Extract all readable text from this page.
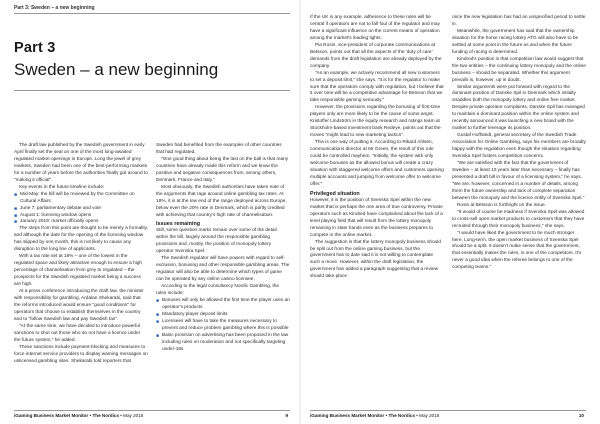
Part 3: Sweden – a new beginning
Part 3
Sweden – a new beginning

The draft law published by the Swedish government in early April finally set the seal on one of the most long-awaited regulated market openings in Europe. Long the jewel of grey markets, Sweden had been one of the best-performing markets for a number of years before the authorities finally got around to "making it official".

Key events in the future timeline include:

■ Mid-May: the bill will be reviewed by the Committee on Cultural Affairs
■ June 7: parliamentary debate and vote
■ August 1: licensing window opens
■ January 2019: market officially opens

The steps from this point are thought to be merely a formality, and although the date for the opening of the licensing window has slipped by one month, this is not likely to cause any disruption to the long line of applicants.

With a tax rate set at 18% – one of the lowest in the regulated space and likely attractive enough to ensure a high percentage of channelisation from grey to regulated – the prospects for the Swedish regulated market being a success are high.

At a press conference introducing the draft law, the minister with responsibility for gambling, Ardalan Shekarabi, said that the reforms introduced would ensure "good conditions" for operators that choose to establish themselves in the country and to "follow Swedish law and pay Swedish tax".

"At the same time, we have decided to introduce powerful sanctions to shut out those who do not have a licence under the future system," he added.

These sanctions include payment-blocking and measures to force internet service providers to display warning messages on unlicensed gambling sites. Shekarabi told reporters that

Sweden had benefited from the examples of other countries that had regulated.

"One good thing about being the last on the ball is that many countries have already made this reform and we know the positive and negative consequences from, among others, Denmark, France and Italy."

Most obviously, the Swedish authorities have taken note of the arguments that rage around online gambling tax rates. At 18%, it is at the low end of the range deployed across Europe, below even the 20% rate in Denmark, which is partly credited with achieving that country's high rate of channelisation.

Issues remaining

Still, some question marks remain over some of the detail within the bill, largely around the responsible gambling provisions and, mostly, the position of monopoly lottery operator Svenska Spel.

The Swedish regulator will have powers with regard to self-exclusion, bonusing and other responsible gambling areas. The regulator will also be able to determine which types of game can be operated by any online casino licensee.

According to the legal consultancy Nordic Gambling, the rules include:

■ Bonuses will only be allowed the first time the player uses an operator's products
■ Mandatory player deposit limits
■ Licensees will have to take the measures necessary to prevent and reduce problem gambling where this is possible
■ Basic provision on advertising has been proposed in the law including rules on moderation and not specifically targeting under-18s
iGaming Business Market Monitor • The Nordics • May 2018	9

If the UK is any example, adherence to these rules will be central if operators are not to fall foul of the regulator and may have a significant influence on the current means of operation among the market's leading lights.

Pia Rosin, vice-president of corporate communications at Betsson, points out that all the aspects of the 'duty of care' demands from the draft legislation are already deployed by the company.

"As an example, we actively recommend all new customers to set a deposit limit," she says. "It is for the regulator to make sure that the operators comply with regulation, but I believe that it over time will be a competitive advantage for Betsson that we take responsible gaming seriously."

However, the provisions regarding the bonusing of first-time players only are more likely to be the cause of some angst. Kristoffer Lindström in the equity research and ratings team at Stockholm-based investment bank Redeye, points out that the moves "might lead to new marketing tactics".

This is one way of putting it. According to Rikard Ahlsén, communications director at Mr Green, the result of this rule could be controlled mayhem. "Initially, the system with only welcome bonuses as the allowed bonus will create a crazy situation with staggered welcome offers and customers opening multiple accounts and jumping from welcome offer to welcome offer."

Privileged situation

However, it is the position of Svenska Spel within the new market that is perhaps the one area of true controversy. Private operators such as Kindred have complained about the lack of a level playing field that will result from the lottery monopoly remaining in state hands even as the business prepares to compete in the online market.

The suggestion is that the lottery monopoly business should be split out from the online gaming business, but the government has to date said it is not willing to contemplate such a move. However, within the draft legislation, the government has added a paragraph suggesting that a review should take place

once the new legislation has had an unspecified period to settle in.

Meanwhile, the government has said that the ownership situation for the horse racing lottery ATG will also have to be settled at some point in the future as and when the future funding of racing is determined.

Kindred's position is that competition law would suggest that the two entities – the continuing lottery monopoly and the online business – should be separated. Whether this argument prevails is, however, up in doubt.

Similar arguments were put forward with regard to the dominant position of Danske Spil in Denmark which initially straddles both the monopoly lottery and online free market. Despite private operator complaints, Danske Spil has managed to maintain a dominant position within the online system and recently announced it was launching a new brand with the market to further leverage its position.

Gustaf Hoffstedt, general secretary of the Swedish Trade Association for Online Gambling, says his members are broadly happy with the regulation even though the situation regarding Svenska Spel fosters competition concerns.

"We are satisfied with the fact that the government of Sweden – at least 10 years later than necessary – finally has presented a draft bill in favour of a licensing system," he says. "We are, however, concerned in a number of details, among them the future ownership and lack of complete separation between the monopoly and the licence entity of Svenska Spel."

Rosin at Betsson is forthright on the issue.

"It would of course be madness if Svenska Spel was allowed to cross-sell open market products to customers that they have recruited through their monopoly business," she says.

"I would have liked the government to be much stronger here. Long-term, the open market business of Svenska Spel should be a split. It doesn't make sense that the government, that essentially makes the rules, is one of the competitors. It's never a good idea when the referee belongs to one of the competing teams."

iGaming Business Market Monitor • The Nordics • May 2018	10
